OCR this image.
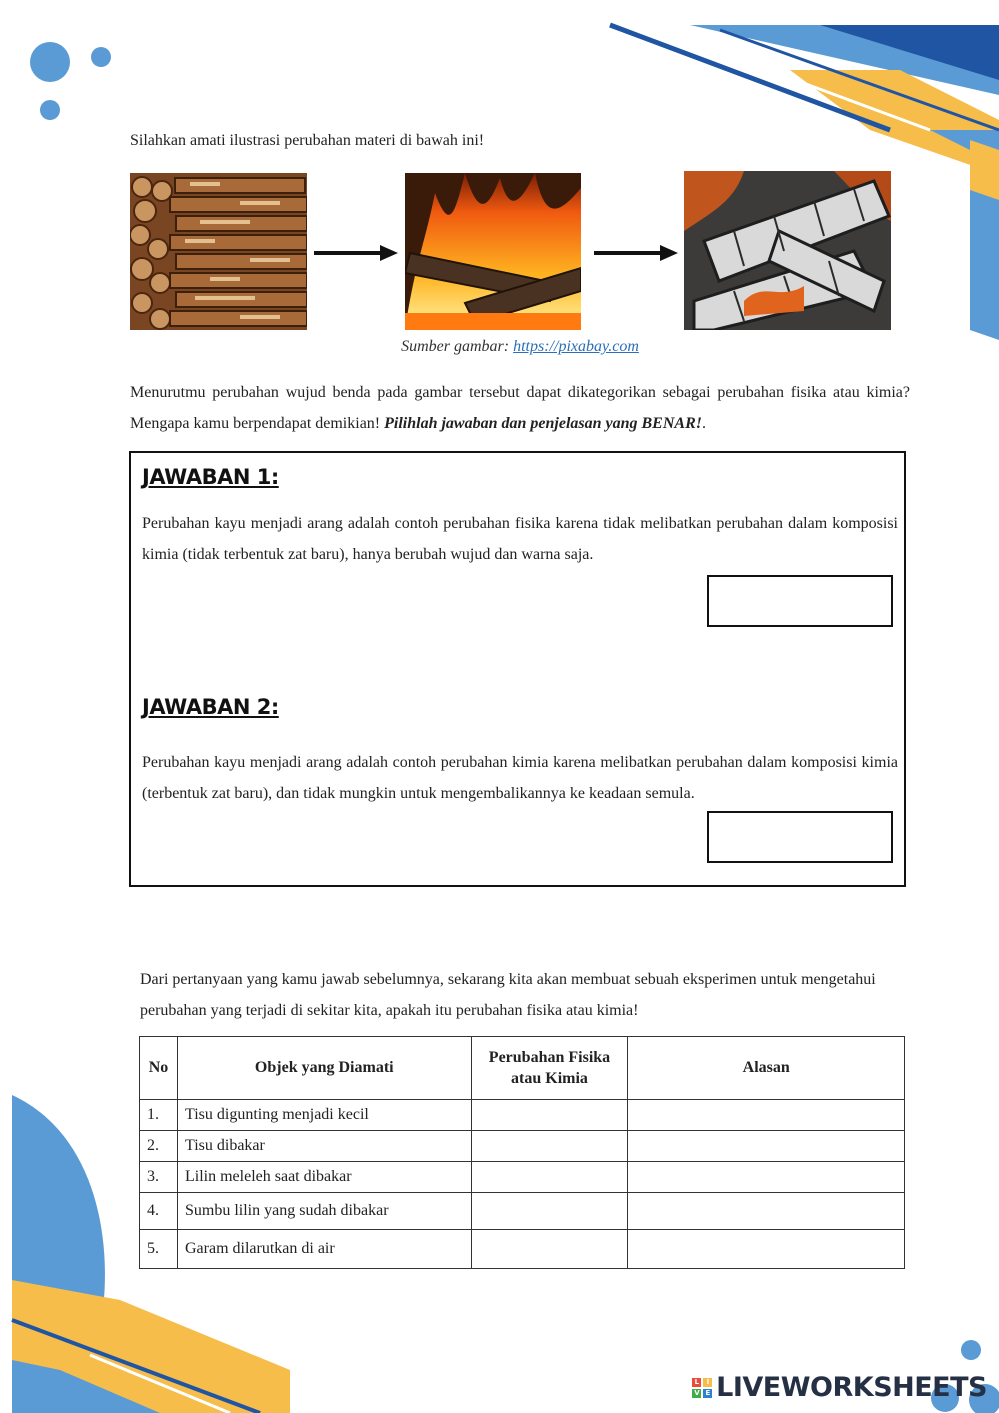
Silahkan amati ilustrasi perubahan materi di bawah ini!
Sumber gambar: https://pixabay.com
Menurutmu perubahan wujud benda pada gambar tersebut dapat dikategorikan sebagai perubahan fisika atau kimia? Mengapa kamu berpendapat demikian! Pilihlah jawaban dan penjelasan yang BENAR!.
JAWABAN 1:
Perubahan kayu menjadi arang adalah contoh perubahan fisika karena tidak melibatkan perubahan dalam komposisi kimia (tidak terbentuk zat baru), hanya berubah wujud dan warna saja.
JAWABAN 2:
Perubahan kayu menjadi arang adalah contoh perubahan kimia karena melibatkan perubahan dalam komposisi kimia (terbentuk zat baru), dan tidak mungkin untuk mengembalikannya ke keadaan semula.
Dari pertanyaan yang kamu jawab sebelumnya, sekarang kita akan membuat sebuah eksperimen untuk mengetahui perubahan yang terjadi di sekitar kita, apakah itu perubahan fisika atau kimia!
No	Objek yang Diamati	Perubahan Fisika atau Kimia	Alasan
1.	Tisu digunting menjadi kecil		
2.	Tisu dibakar		
3.	Lilin meleleh saat dibakar		
4.	Sumbu lilin yang sudah dibakar		
5.	Garam dilarutkan di air		
L	I
V E LIVEWORKSHEETS
